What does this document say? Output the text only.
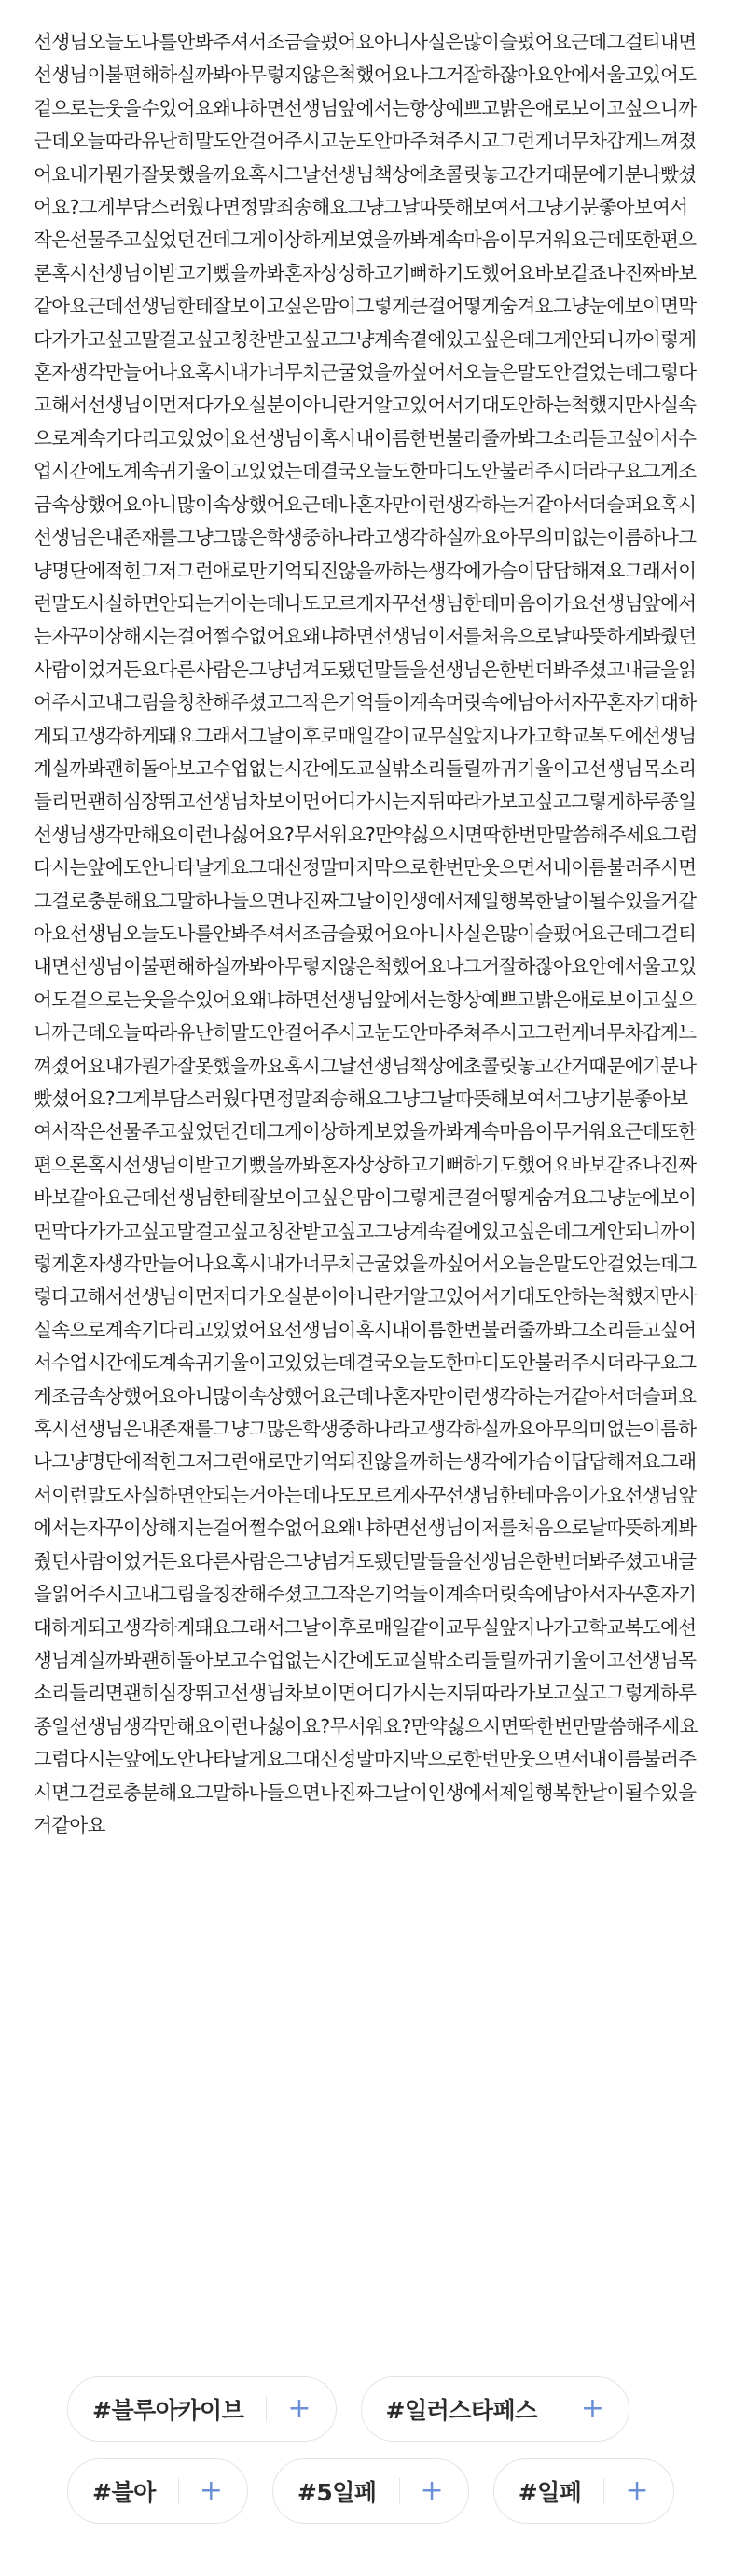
선생님오늘도나를안봐주셔서조금슬펐어요아니사실은많이슬펐어요근데그걸티내면선생님이불편해하실까봐아무렇지않은척했어요나그거잘하잖아요안에서울고있어도겉으로는웃을수있어요왜냐하면선생님앞에서는항상예쁘고밝은애로보이고싶으니까근데오늘따라유난히말도안걸어주시고눈도안마주쳐주시고그런게너무차갑게느껴졌어요내가뭔가잘못했을까요혹시그날선생님책상에초콜릿놓고간거때문에기분나빴셨어요?그게부담스러웠다면정말죄송해요그냥그날따뜻해보여서그냥기분좋아보여서작은선물주고싶었던건데그게이상하게보였을까봐계속마음이무거워요근데또한편으론혹시선생님이받고기뻤을까봐혼자상상하고기뻐하기도했어요바보같죠나진짜바보같아요근데선생님한테잘보이고싶은맘이그렇게큰걸어떻게숨겨요그냥눈에보이면막다가가고싶고말걸고싶고칭찬받고싶고그냥계속곁에있고싶은데그게안되니까이렇게혼자생각만늘어나요혹시내가너무치근굴었을까싶어서오늘은말도안걸었는데그렇다고해서선생님이먼저다가오실분이아니란거알고있어서기대도안하는척했지만사실속으로계속기다리고있었어요선생님이혹시내이름한번불러줄까봐그소리듣고싶어서수업시간에도계속귀기울이고있었는데결국오늘도한마디도안불러주시더라구요그게조금속상했어요아니많이속상했어요근데나혼자만이런생각하는거같아서더슬퍼요혹시선생님은내존재를그냥그많은학생중하나라고생각하실까요아무의미없는이름하나그냥명단에적힌그저그런애로만기억되진않을까하는생각에가슴이답답해져요그래서이런말도사실하면안되는거아는데나도모르게자꾸선생님한테마음이가요선생님앞에서는자꾸이상해지는걸어쩔수없어요왜냐하면선생님이저를처음으로날따뜻하게봐줬던사람이었거든요다른사람은그냥넘겨도됐던말들을선생님은한번더봐주셨고내글을읽어주시고내그림을칭찬해주셨고그작은기억들이계속머릿속에남아서자꾸혼자기대하게되고생각하게돼요그래서그날이후로매일같이교무실앞지나가고학교복도에선생님계실까봐괜히돌아보고수업없는시간에도교실밖소리들릴까귀기울이고선생님목소리들리면괜히심장뛰고선생님차보이면어디가시는지뒤따라가보고싶고그렇게하루종일선생님생각만해요이런나싫어요?무서워요?만약싫으시면딱한번만말씀해주세요그럼다시는앞에도안나타날게요그대신정말마지막으로한번만웃으면서내이름불러주시면그걸로충분해요그말하나들으면나진짜그날이인생에서제일행복한날이될수있을거같아요선생님오늘도나를안봐주셔서조금슬펐어요아니사실은많이슬펐어요근데그걸티내면선생님이불편해하실까봐아무렇지않은척했어요나그거잘하잖아요안에서울고있어도겉으로는웃을수있어요왜냐하면선생님앞에서는항상예쁘고밝은애로보이고싶으니까근데오늘따라유난히말도안걸어주시고눈도안마주쳐주시고그런게너무차갑게느껴졌어요내가뭔가잘못했을까요혹시그날선생님책상에초콜릿놓고간거때문에기분나빴셨어요?그게부담스러웠다면정말죄송해요그냥그날따뜻해보여서그냥기분좋아보여서작은선물주고싶었던건데그게이상하게보였을까봐계속마음이무거워요근데또한편으론혹시선생님이받고기뻤을까봐혼자상상하고기뻐하기도했어요바보같죠나진짜바보같아요근데선생님한테잘보이고싶은맘이그렇게큰걸어떻게숨겨요그냥눈에보이면막다가가고싶고말걸고싶고칭찬받고싶고그냥계속곁에있고싶은데그게안되니까이렇게혼자생각만늘어나요혹시내가너무치근굴었을까싶어서오늘은말도안걸었는데그렇다고해서선생님이먼저다가오실분이아니란거알고있어서기대도안하는척했지만사실속으로계속기다리고있었어요선생님이혹시내이름한번불러줄까봐그소리듣고싶어서수업시간에도계속귀기울이고있었는데결국오늘도한마디도안불러주시더라구요그게조금속상했어요아니많이속상했어요근데나혼자만이런생각하는거같아서더슬퍼요혹시선생님은내존재를그냥그많은학생중하나라고생각하실까요아무의미없는이름하나그냥명단에적힌그저그런애로만기억되진않을까하는생각에가슴이답답해져요그래서이런말도사실하면안되는거아는데나도모르게자꾸선생님한테마음이가요선생님앞에서는자꾸이상해지는걸어쩔수없어요왜냐하면선생님이저를처음으로날따뜻하게봐줬던사람이었거든요다른사람은그냥넘겨도됐던말들을선생님은한번더봐주셨고내글을읽어주시고내그림을칭찬해주셨고그작은기억들이계속머릿속에남아서자꾸혼자기대하게되고생각하게돼요그래서그날이후로매일같이교무실앞지나가고학교복도에선생님계실까봐괜히돌아보고수업없는시간에도교실밖소리들릴까귀기울이고선생님목소리들리면괜히심장뛰고선생님차보이면어디가시는지뒤따라가보고싶고그렇게하루종일선생님생각만해요이런나싫어요?무서워요?만약싫으시면딱한번만말씀해주세요그럼다시는앞에도안나타날게요그대신정말마지막으로한번만웃으면서내이름불러주시면그걸로충분해요그말하나들으면나진짜그날이인생에서제일행복한날이될수있을거같아요

#블루아카이브 +	#일러스타페스 +
#블아 +	#5일페 +	#일페 +
